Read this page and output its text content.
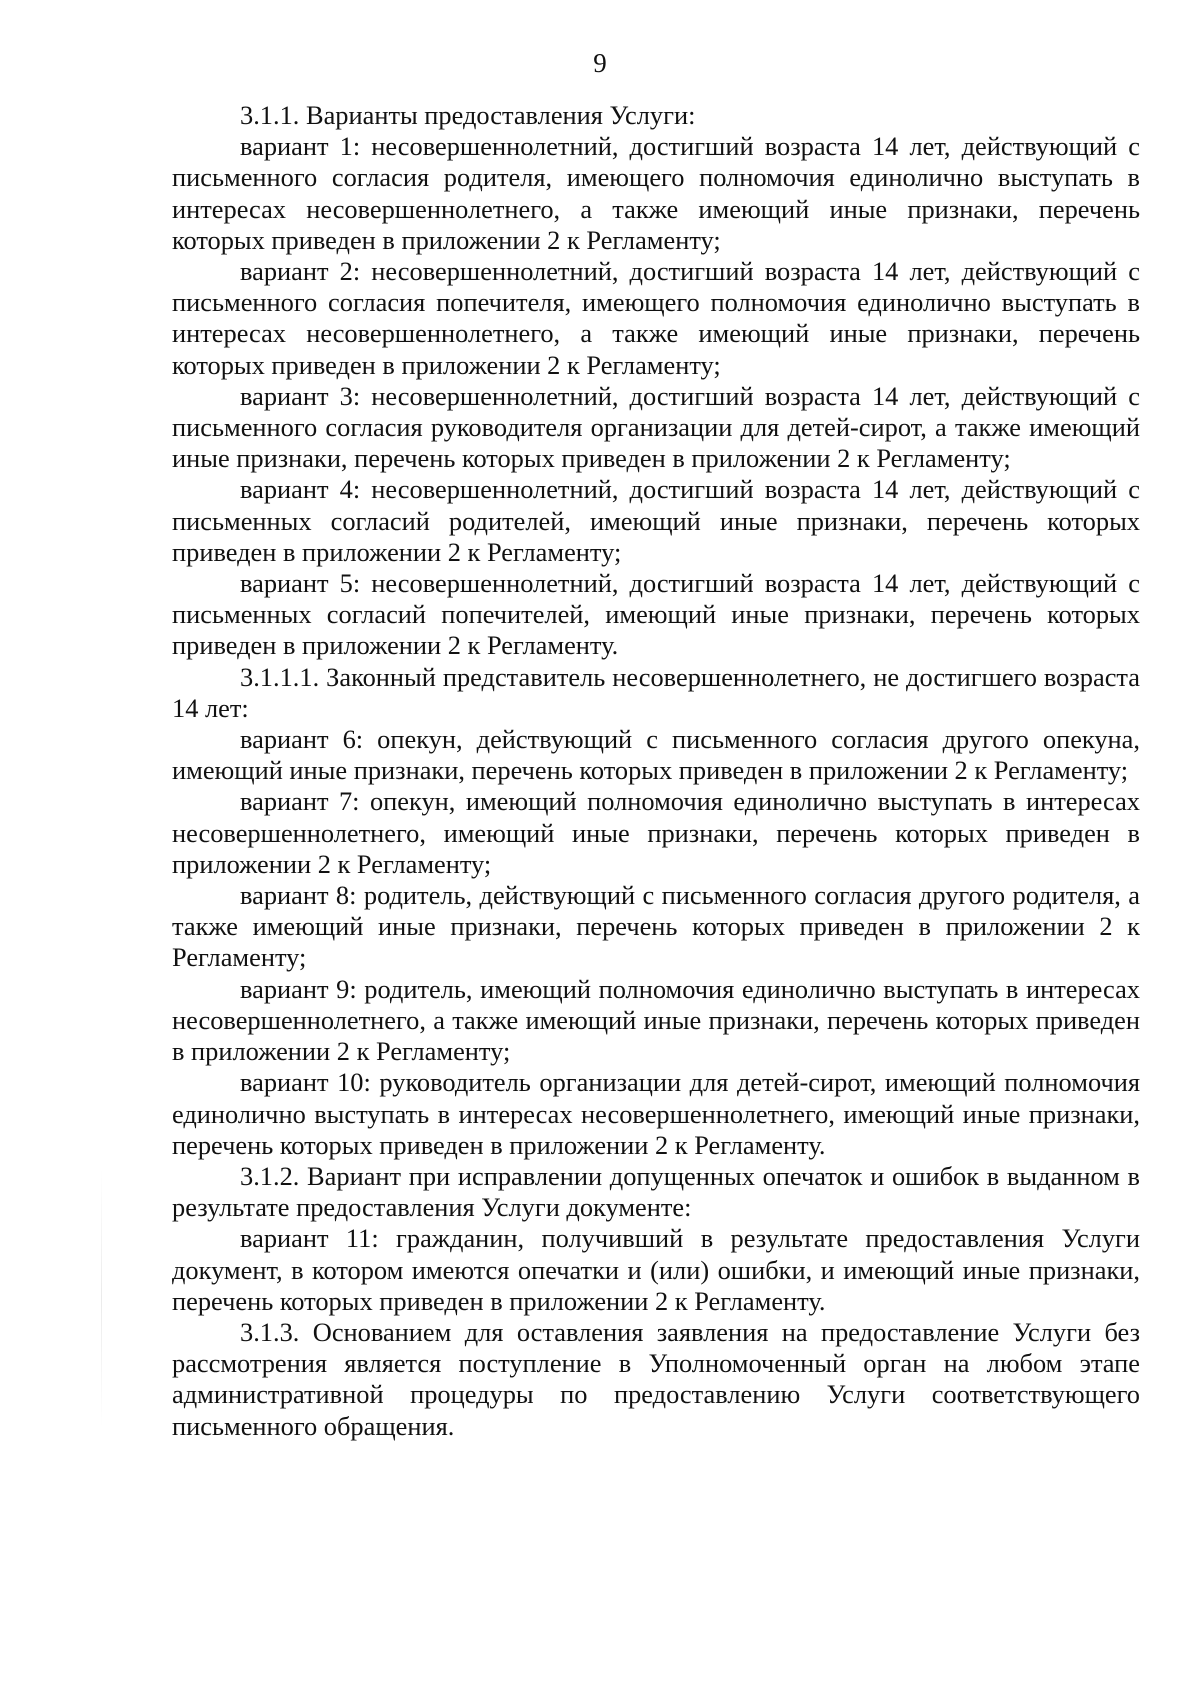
9

3.1.1. Варианты предоставления Услуги:

вариант 1: несовершеннолетний, достигший возраста 14 лет, действующий с письменного согласия родителя, имеющего полномочия единолично выступать в интересах несовершеннолетнего, а также имеющий иные признаки, перечень которых приведен в приложении 2 к Регламенту;

вариант 2: несовершеннолетний, достигший возраста 14 лет, действующий с письменного согласия попечителя, имеющего полномочия единолично выступать в интересах несовершеннолетнего, а также имеющий иные признаки, перечень которых приведен в приложении 2 к Регламенту;

вариант 3: несовершеннолетний, достигший возраста 14 лет, действующий с письменного согласия руководителя организации для детей-сирот, а также имеющий иные признаки, перечень которых приведен в приложении 2 к Регламенту;

вариант 4: несовершеннолетний, достигший возраста 14 лет, действующий с письменных согласий родителей, имеющий иные признаки, перечень которых приведен в приложении 2 к Регламенту;

вариант 5: несовершеннолетний, достигший возраста 14 лет, действующий с письменных согласий попечителей, имеющий иные признаки, перечень которых приведен в приложении 2 к Регламенту.

3.1.1.1. Законный представитель несовершеннолетнего, не достигшего возраста 14 лет:

вариант 6: опекун, действующий с письменного согласия другого опекуна, имеющий иные признаки, перечень которых приведен в приложении 2 к Регламенту;

вариант 7: опекун, имеющий полномочия единолично выступать в интересах несовершеннолетнего, имеющий иные признаки, перечень которых приведен в приложении 2 к Регламенту;

вариант 8: родитель, действующий с письменного согласия другого родителя, а также имеющий иные признаки, перечень которых приведен в приложении 2 к Регламенту;

вариант 9: родитель, имеющий полномочия единолично выступать в интересах несовершеннолетнего, а также имеющий иные признаки, перечень которых приведен в приложении 2 к Регламенту;

вариант 10: руководитель организации для детей-сирот, имеющий полномочия единолично выступать в интересах несовершеннолетнего, имеющий иные признаки, перечень которых приведен в приложении 2 к Регламенту.

3.1.2. Вариант при исправлении допущенных опечаток и ошибок в выданном в результате предоставления Услуги документе:

вариант 11: гражданин, получивший в результате предоставления Услуги документ, в котором имеются опечатки и (или) ошибки, и имеющий иные признаки, перечень которых приведен в приложении 2 к Регламенту.

3.1.3. Основанием для оставления заявления на предоставление Услуги без рассмотрения является поступление в Уполномоченный орган на любом этапе административной процедуры по предоставлению Услуги соответствующего письменного обращения.
